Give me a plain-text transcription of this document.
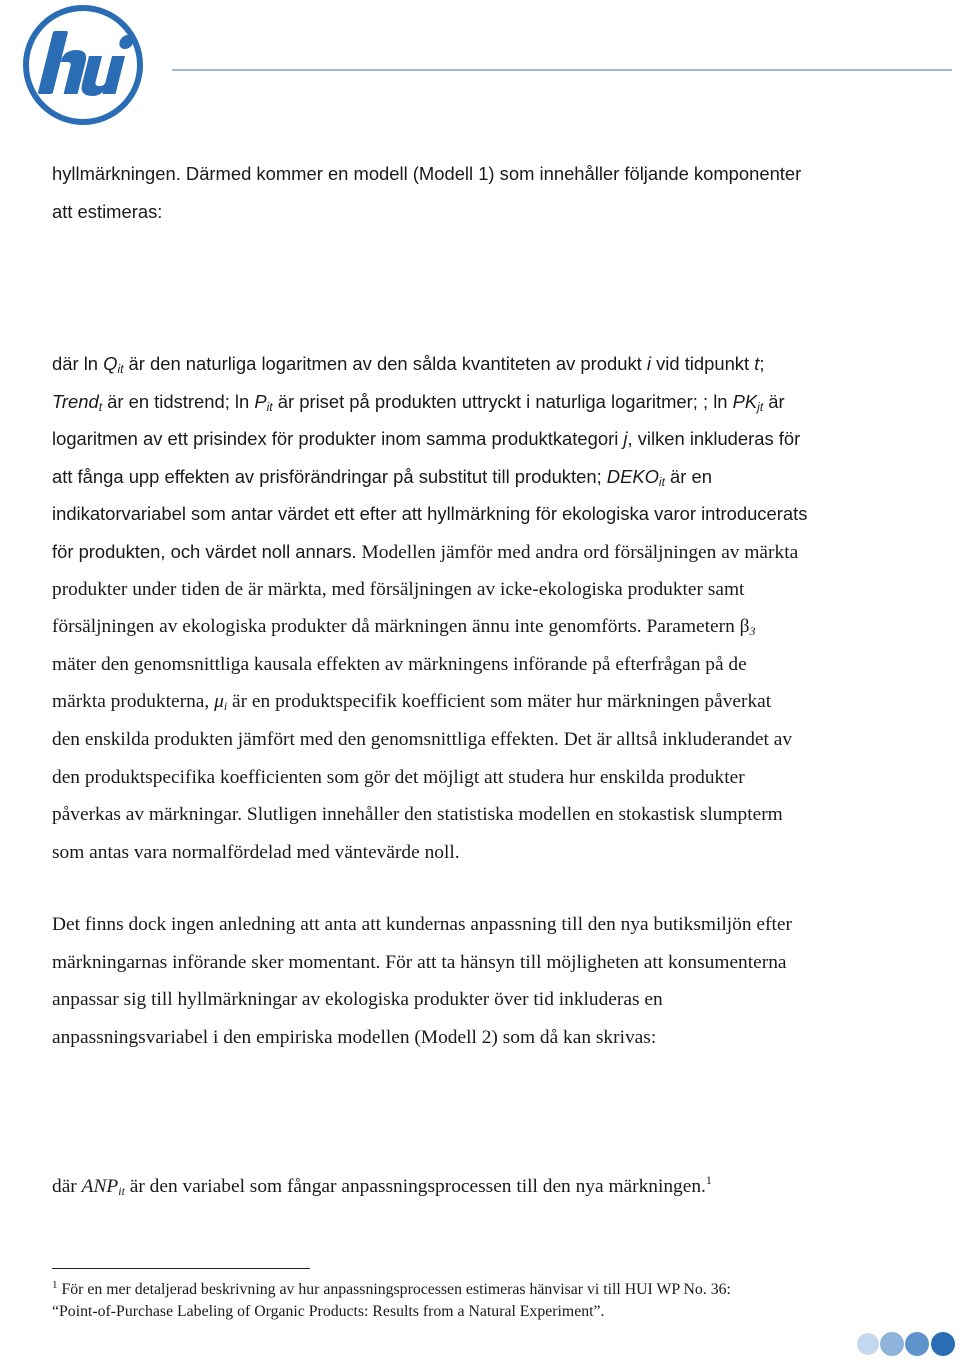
hui
hyllmärkningen. Därmed kommer en modell (Modell 1) som innehåller följande komponenter
att estimeras:
där $\ln Q_{it}$ är den naturliga logaritmen av den sålda kvantiteten av produkt i vid tidpunkt t;
Trend$_t$ är en tidstrend; $\ln P_{it}$ är priset på produkten uttryckt i naturliga logaritmer; ; $\ln PK_{jt}$ är
logaritmen av ett prisindex för produkter inom samma produktkategori j, vilken inkluderas för
att fånga upp effekten av prisförändringar på substitut till produkten; $DEKO_{it}$ är en
indikatorvariabel som antar värdet ett efter att hyllmärkning för ekologiska varor introducerats
för produkten, och värdet noll annars. Modellen jämför med andra ord försäljningen av märkta
produkter under tiden de är märkta, med försäljningen av icke-ekologiska produkter samt
försäljningen av ekologiska produkter då märkningen ännu inte genomförts. Parametern $\beta_3$
mäter den genomsnittliga kausala effekten av märkningens införande på efterfrågan på de
märkta produkterna, $\mu_i$ är en produktspecifik koefficient som mäter hur märkningen påverkat
den enskilda produkten jämfört med den genomsnittliga effekten. Det är alltså inkluderandet av
den produktspecifika koefficienten som gör det möjligt att studera hur enskilda produkter
påverkas av märkningar. Slutligen innehåller den statistiska modellen en stokastisk slumpterm
som antas vara normalfördelad med väntevärde noll.
Det finns dock ingen anledning att anta att kundernas anpassning till den nya butiksmiljön efter
märkningarnas införande sker momentant. För att ta hänsyn till möjligheten att konsumenterna
anpassar sig till hyllmärkningar av ekologiska produkter över tid inkluderas en
anpassningsvariabel i den empiriska modellen (Modell 2) som då kan skrivas:
där $ANP_{it}$ är den variabel som fångar anpassningsprocessen till den nya märkningen.$^1$
$^1$ För en mer detaljerad beskrivning av hur anpassningsprocessen estimeras hänvisar vi till HUI WP No. 36:
“Point-of-Purchase Labeling of Organic Products: Results from a Natural Experiment”.
